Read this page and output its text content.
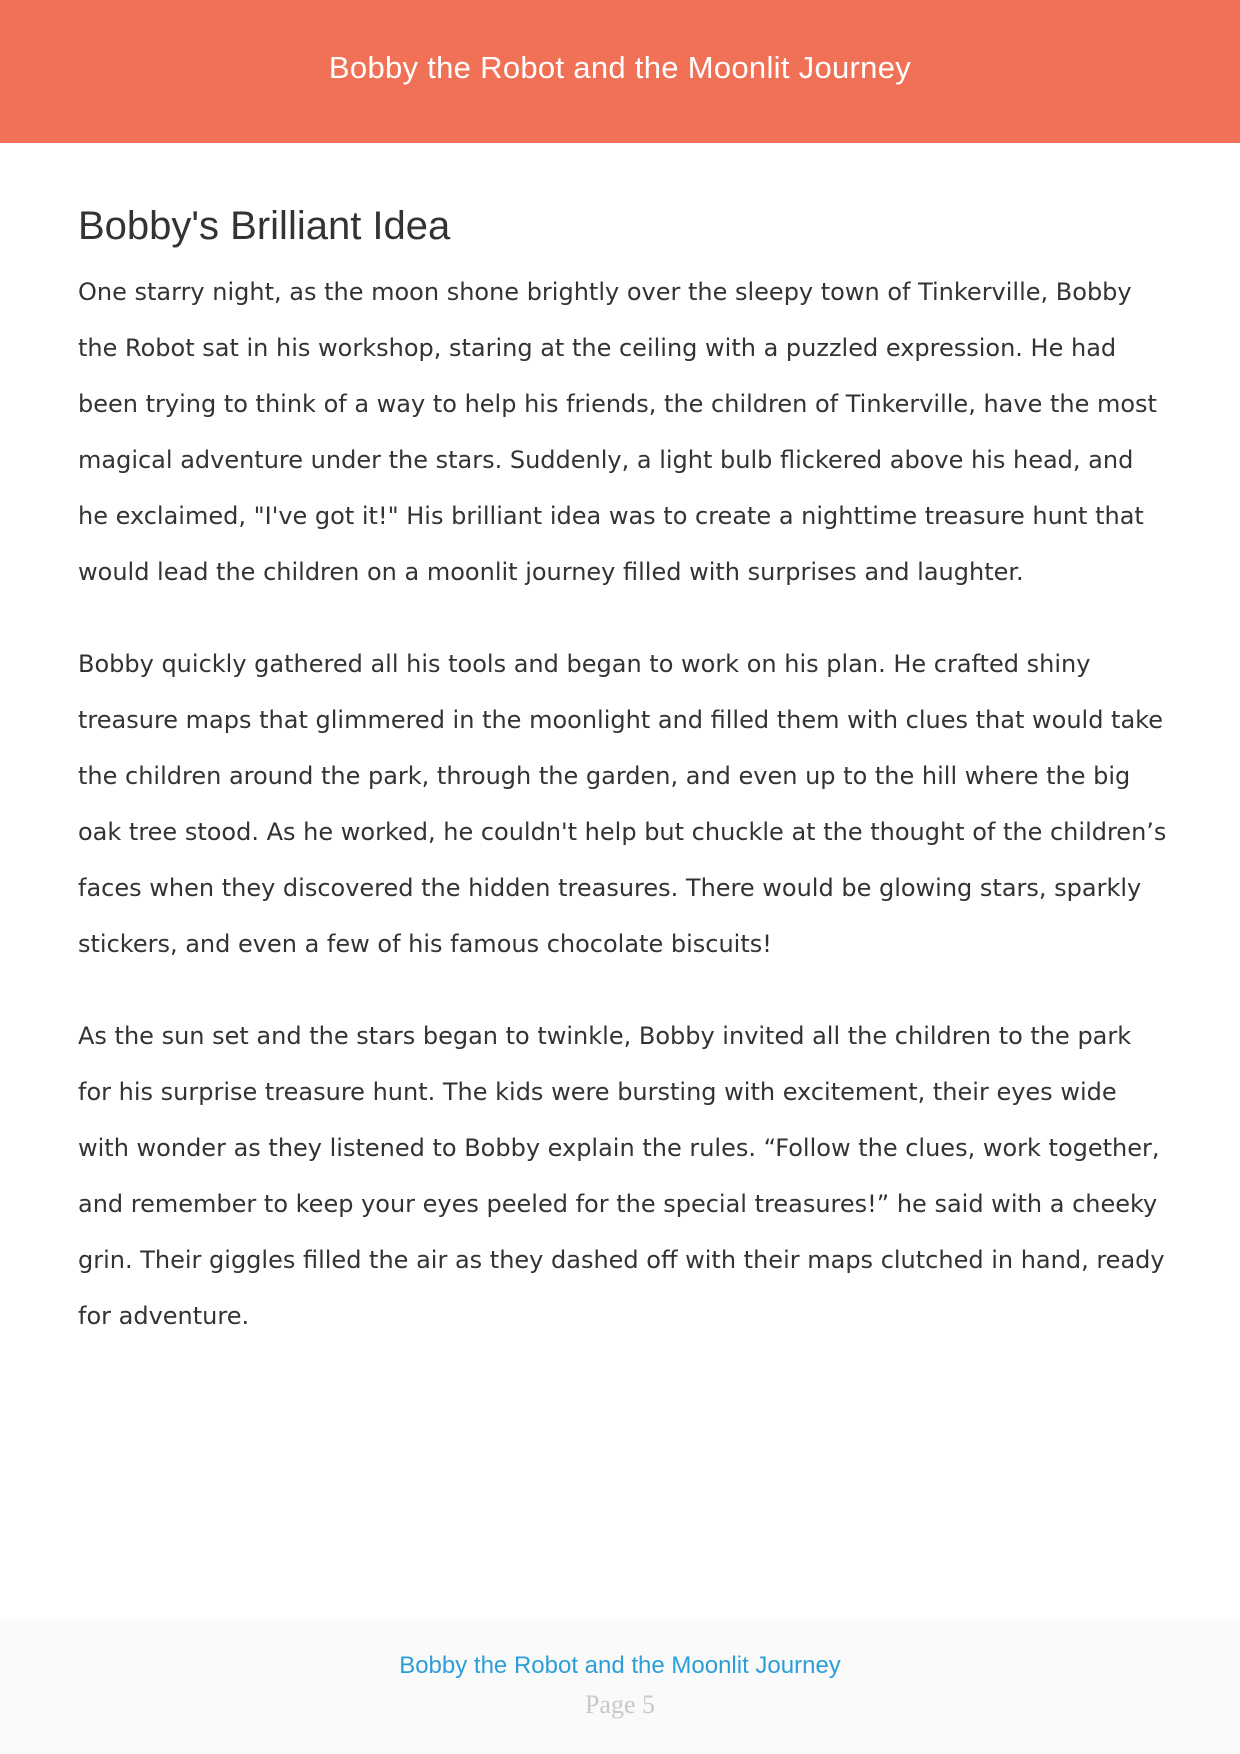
Bobby the Robot and the Moonlit Journey
Bobby's Brilliant Idea

One starry night, as the moon shone brightly over the sleepy town of Tinkerville, Bobby the Robot sat in his workshop, staring at the ceiling with a puzzled expression. He had been trying to think of a way to help his friends, the children of Tinkerville, have the most magical adventure under the stars. Suddenly, a light bulb flickered above his head, and he exclaimed, "I've got it!" His brilliant idea was to create a nighttime treasure hunt that would lead the children on a moonlit journey filled with surprises and laughter.

Bobby quickly gathered all his tools and began to work on his plan. He crafted shiny treasure maps that glimmered in the moonlight and filled them with clues that would take the children around the park, through the garden, and even up to the hill where the big oak tree stood. As he worked, he couldn't help but chuckle at the thought of the children’s faces when they discovered the hidden treasures. There would be glowing stars, sparkly stickers, and even a few of his famous chocolate biscuits!

As the sun set and the stars began to twinkle, Bobby invited all the children to the park for his surprise treasure hunt. The kids were bursting with excitement, their eyes wide with wonder as they listened to Bobby explain the rules. “Follow the clues, work together, and remember to keep your eyes peeled for the special treasures!” he said with a cheeky grin. Their giggles filled the air as they dashed off with their maps clutched in hand, ready for adventure.

Bobby the Robot and the Moonlit Journey
Page 5
